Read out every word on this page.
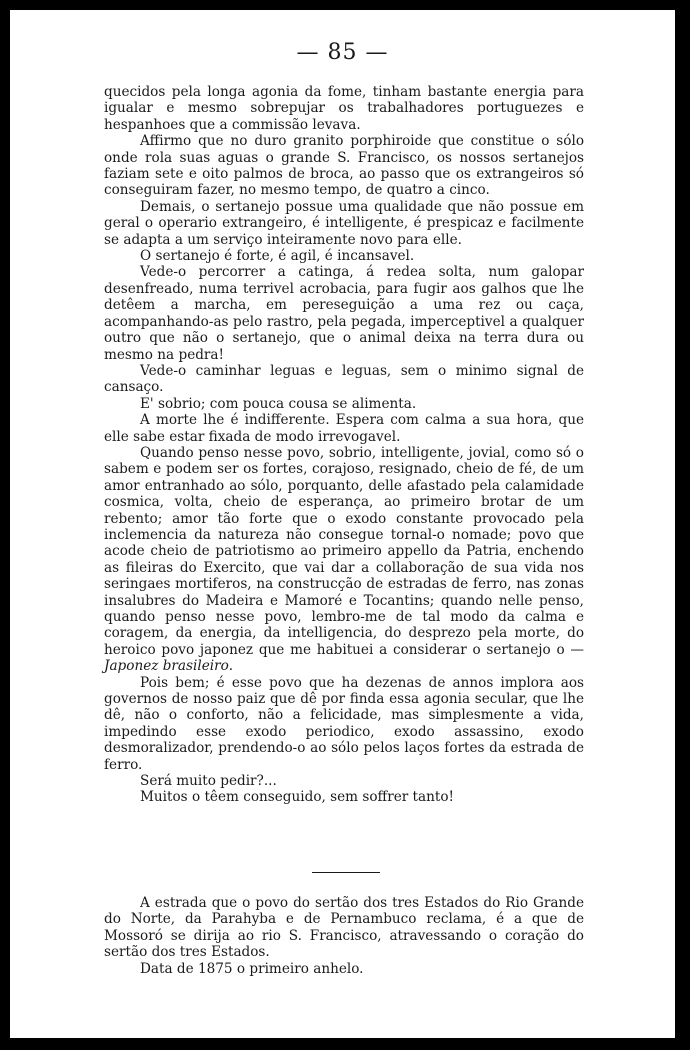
— 85 —

quecidos pela longa agonia da fome, tinham bastante energia para igualar e mesmo sobrepujar os trabalhadores portuguezes e hespanhoes que a commissão levava.

Affirmo que no duro granito porphiroide que constitue o sólo onde rola suas aguas o grande S. Francisco, os nossos sertanejos faziam sete e oito palmos de broca, ao passo que os extrangeiros só conseguiram fazer, no mesmo tempo, de quatro a cinco.

Demais, o sertanejo possue uma qualidade que não possue em geral o operario extrangeiro, é intelligente, é prespicaz e facilmente se adapta a um serviço inteiramente novo para elle.

O sertanejo é forte, é agil, é incansavel.

Vede-o percorrer a catinga, á redea solta, num galopar desenfreado, numa terrivel acrobacia, para fugir aos galhos que lhe detêem a marcha, em pereseguição a uma rez ou caça, acompanhando-as pelo rastro, pela pegada, imperceptivel a qualquer outro que não o sertanejo, que o animal deixa na terra dura ou mesmo na pedra!

Vede-o caminhar leguas e leguas, sem o minimo signal de cansaço.

E' sobrio; com pouca cousa se alimenta.

A morte lhe é indifferente. Espera com calma a sua hora, que elle sabe estar fixada de modo irrevogavel.

Quando penso nesse povo, sobrio, intelligente, jovial, como só o sabem e podem ser os fortes, corajoso, resignado, cheio de fé, de um amor entranhado ao sólo, porquanto, delle afastado pela calamidade cosmica, volta, cheio de esperança, ao primeiro brotar de um rebento; amor tão forte que o exodo constante provocado pela inclemencia da natureza não consegue tornal-o nomade; povo que acode cheio de patriotismo ao primeiro appello da Patria, enchendo as fileiras do Exercito, que vai dar a collaboração de sua vida nos seringaes mortiferos, na construcção de estradas de ferro, nas zonas insalubres do Madeira e Mamoré e Tocantins; quando nelle penso, quando penso nesse povo, lembro-me de tal modo da calma e coragem, da energia, da intelligencia, do desprezo pela morte, do heroico povo japonez que me habituei a considerar o sertanejo o — Japonez brasileiro.

Pois bem; é esse povo que ha dezenas de annos implora aos governos de nosso paiz que dê por finda essa agonia secular, que lhe dê, não o conforto, não a felicidade, mas simplesmente a vida, impedindo esse exodo periodico, exodo assassino, exodo desmoralizador, prendendo-o ao sólo pelos laços fortes da estrada de ferro.

Será muito pedir?...

Muitos o têem conseguido, sem soffrer tanto!

A estrada que o povo do sertão dos tres Estados do Rio Grande do Norte, da Parahyba e de Pernambuco reclama, é a que de Mossoró se dirija ao rio S. Francisco, atravessando o coração do sertão dos tres Estados.

Data de 1875 o primeiro anhelo.
